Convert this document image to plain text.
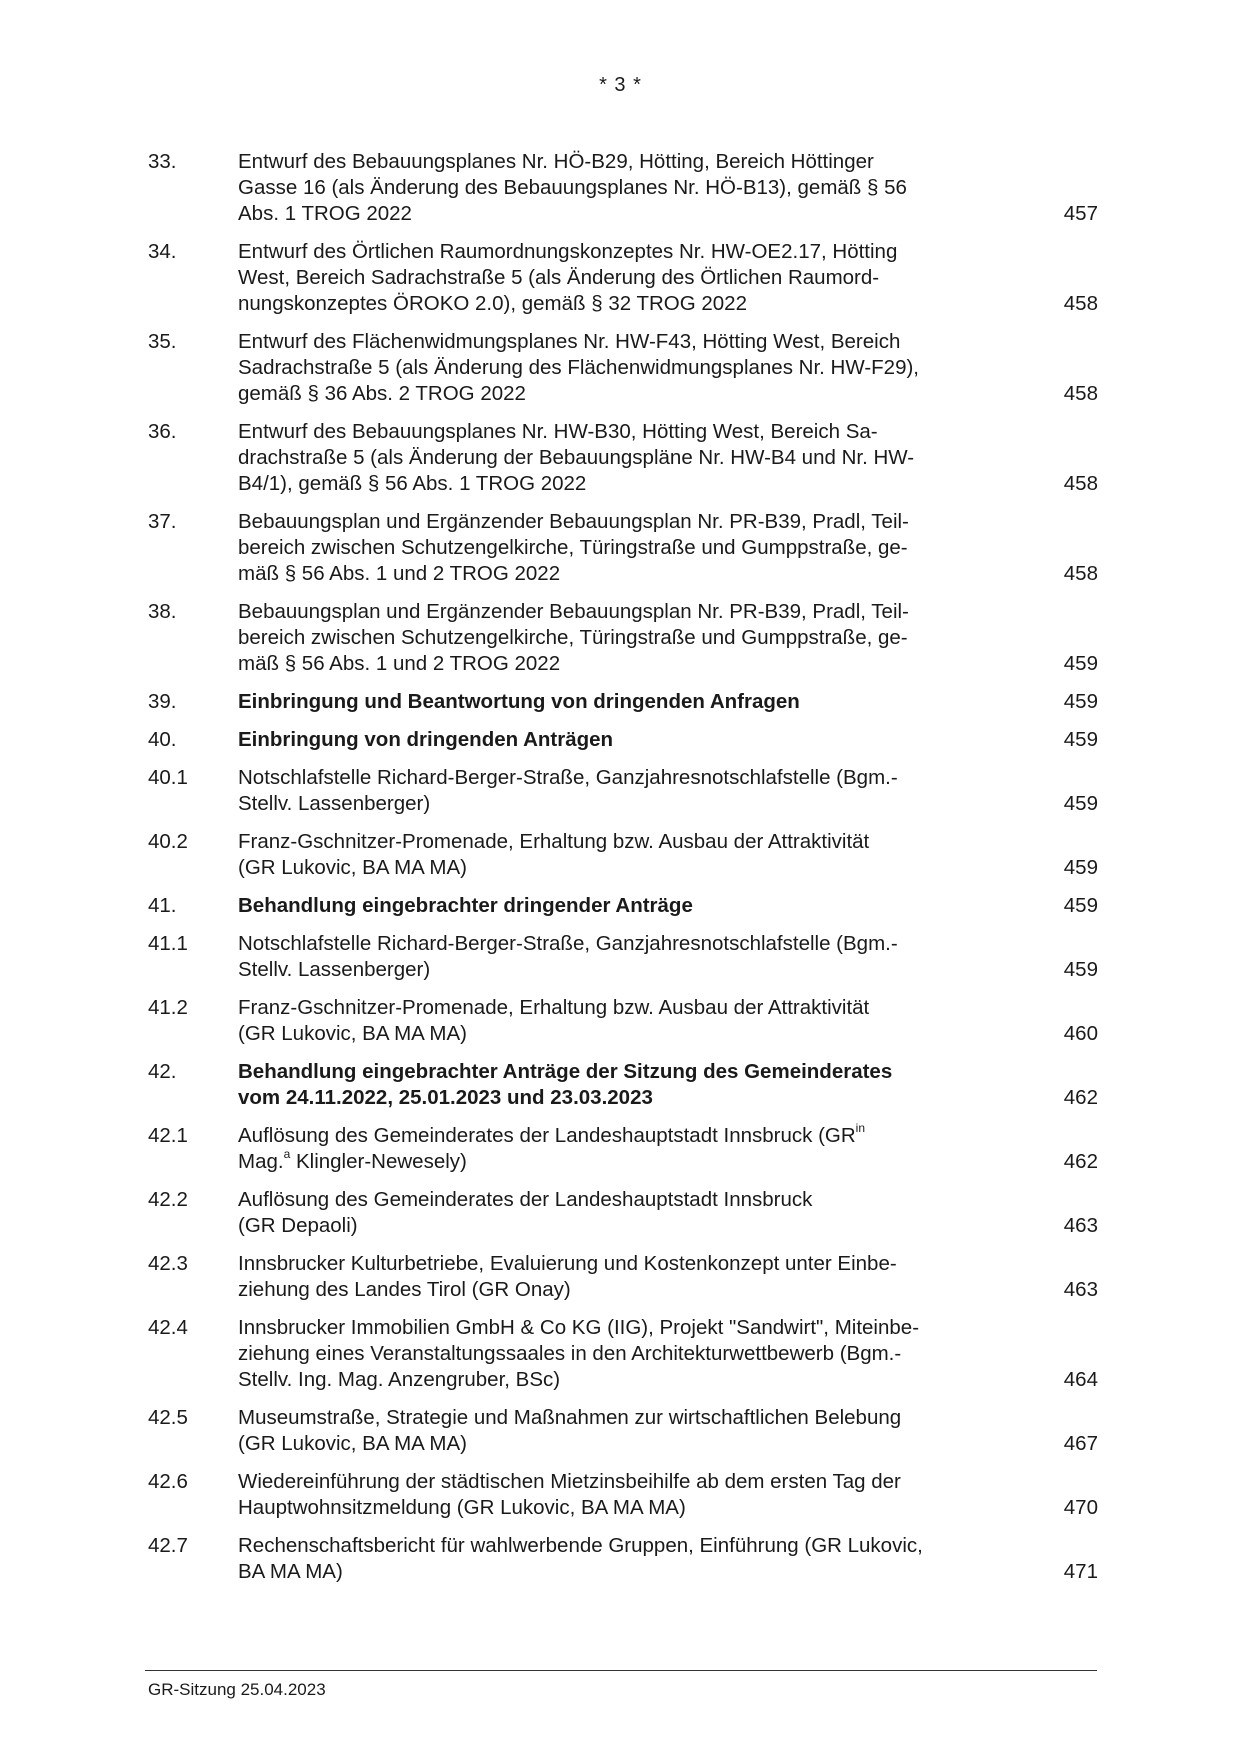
* 3 *
33.	Entwurf des Bebauungsplanes Nr. HÖ-B29, Hötting, Bereich Höttinger
Gasse 16 (als Änderung des Bebauungsplanes Nr. HÖ-B13), gemäß § 56
Abs. 1 TROG 2022	457
34.	Entwurf des Örtlichen Raumordnungskonzeptes Nr. HW-OE2.17, Hötting
West, Bereich Sadrachstraße 5 (als Änderung des Örtlichen Raumord-
nungskonzeptes ÖROKO 2.0), gemäß § 32 TROG 2022	458
35.	Entwurf des Flächenwidmungsplanes Nr. HW-F43, Hötting West, Bereich
Sadrachstraße 5 (als Änderung des Flächenwidmungsplanes Nr. HW-F29),
gemäß § 36 Abs. 2 TROG 2022	458
36.	Entwurf des Bebauungsplanes Nr. HW-B30, Hötting West, Bereich Sa-
drachstraße 5 (als Änderung der Bebauungspläne Nr. HW-B4 und Nr. HW-
B4/1), gemäß § 56 Abs. 1 TROG 2022	458
37.	Bebauungsplan und Ergänzender Bebauungsplan Nr. PR-B39, Pradl, Teil-
bereich zwischen Schutzengelkirche, Türingstraße und Gumppstraße, ge-
mäß § 56 Abs. 1 und 2 TROG 2022	458
38.	Bebauungsplan und Ergänzender Bebauungsplan Nr. PR-B39, Pradl, Teil-
bereich zwischen Schutzengelkirche, Türingstraße und Gumppstraße, ge-
mäß § 56 Abs. 1 und 2 TROG 2022	459
39.	Einbringung und Beantwortung von dringenden Anfragen	459
40.	Einbringung von dringenden Anträgen	459
40.1	Notschlafstelle Richard-Berger-Straße, Ganzjahresnotschlafstelle (Bgm.-
Stellv. Lassenberger)	459
40.2	Franz-Gschnitzer-Promenade, Erhaltung bzw. Ausbau der Attraktivität
(GR Lukovic, BA MA MA)	459
41.	Behandlung eingebrachter dringender Anträge	459
41.1	Notschlafstelle Richard-Berger-Straße, Ganzjahresnotschlafstelle (Bgm.-
Stellv. Lassenberger)	459
41.2	Franz-Gschnitzer-Promenade, Erhaltung bzw. Ausbau der Attraktivität
(GR Lukovic, BA MA MA)	460
42.	Behandlung eingebrachter Anträge der Sitzung des Gemeinderates
vom 24.11.2022, 25.01.2023 und 23.03.2023	462
42.1	Auflösung des Gemeinderates der Landeshauptstadt Innsbruck ($GR^{in}$
Mag.$^a$ Klingler-Newesely)	462
42.2	Auflösung des Gemeinderates der Landeshauptstadt Innsbruck
(GR Depaoli)	463
42.3	Innsbrucker Kulturbetriebe, Evaluierung und Kostenkonzept unter Einbe-
ziehung des Landes Tirol (GR Onay)	463
42.4	Innsbrucker Immobilien GmbH & Co KG (IIG), Projekt "Sandwirt", Miteinbe-
ziehung eines Veranstaltungssaales in den Architekturwettbewerb (Bgm.-
Stellv. Ing. Mag. Anzengruber, BSc)	464
42.5	Museumstraße, Strategie und Maßnahmen zur wirtschaftlichen Belebung
(GR Lukovic, BA MA MA)	467
42.6	Wiedereinführung der städtischen Mietzinsbeihilfe ab dem ersten Tag der
Hauptwohnsitzmeldung (GR Lukovic, BA MA MA)	470
42.7	Rechenschaftsbericht für wahlwerbende Gruppen, Einführung (GR Lukovic,
BA MA MA)	471
GR-Sitzung 25.04.2023
